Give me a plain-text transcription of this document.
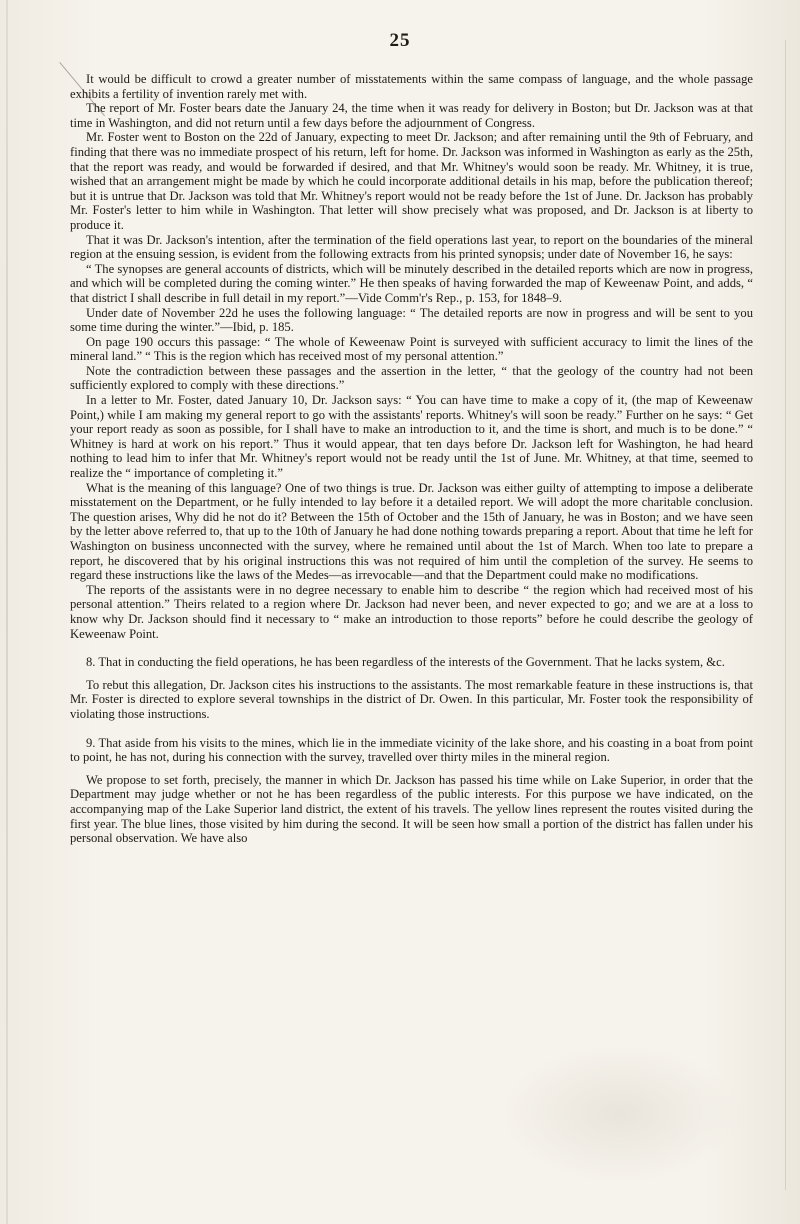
25

It would be difficult to crowd a greater number of misstatements within the same compass of language, and the whole passage exhibits a fertility of invention rarely met with.

The report of Mr. Foster bears date the January 24, the time when it was ready for delivery in Boston; but Dr. Jackson was at that time in Washington, and did not return until a few days before the adjournment of Congress.

Mr. Foster went to Boston on the 22d of January, expecting to meet Dr. Jackson; and after remaining until the 9th of February, and finding that there was no immediate prospect of his return, left for home. Dr. Jackson was informed in Washington as early as the 25th, that the report was ready, and would be forwarded if desired, and that Mr. Whitney's would soon be ready. Mr. Whitney, it is true, wished that an arrangement might be made by which he could incorporate additional details in his map, before the publication thereof; but it is untrue that Dr. Jackson was told that Mr. Whitney's report would not be ready before the 1st of June. Dr. Jackson has probably Mr. Foster's letter to him while in Washington. That letter will show precisely what was proposed, and Dr. Jackson is at liberty to produce it.

That it was Dr. Jackson's intention, after the termination of the field operations last year, to report on the boundaries of the mineral region at the ensuing session, is evident from the following extracts from his printed synopsis; under date of November 16, he says:

“ The synopses are general accounts of districts, which will be minutely described in the detailed reports which are now in progress, and which will be completed during the coming winter.” He then speaks of having forwarded the map of Keweenaw Point, and adds, “ that district I shall describe in full detail in my report.”—Vide Comm'r's Rep., p. 153, for 1848–9.

Under date of November 22d he uses the following language: “ The detailed reports are now in progress and will be sent to you some time during the winter.”—Ibid, p. 185.

On page 190 occurs this passage: “ The whole of Keweenaw Point is surveyed with sufficient accuracy to limit the lines of the mineral land.” “ This is the region which has received most of my personal attention.”

Note the contradiction between these passages and the assertion in the letter, “ that the geology of the country had not been sufficiently explored to comply with these directions.”

In a letter to Mr. Foster, dated January 10, Dr. Jackson says: “ You can have time to make a copy of it, (the map of Keweenaw Point,) while I am making my general report to go with the assistants' reports. Whitney's will soon be ready.” Further on he says: “ Get your report ready as soon as possible, for I shall have to make an introduction to it, and the time is short, and much is to be done.” “ Whitney is hard at work on his report.” Thus it would appear, that ten days before Dr. Jackson left for Washington, he had heard nothing to lead him to infer that Mr. Whitney's report would not be ready until the 1st of June. Mr. Whitney, at that time, seemed to realize the “ importance of completing it.”

What is the meaning of this language? One of two things is true. Dr. Jackson was either guilty of attempting to impose a deliberate misstatement on the Department, or he fully intended to lay before it a detailed report. We will adopt the more charitable conclusion. The question arises, Why did he not do it? Between the 15th of October and the 15th of January, he was in Boston; and we have seen by the letter above referred to, that up to the 10th of January he had done nothing towards preparing a report. About that time he left for Washington on business unconnected with the survey, where he remained until about the 1st of March. When too late to prepare a report, he discovered that by his original instructions this was not required of him until the completion of the survey. He seems to regard these instructions like the laws of the Medes—as irrevocable—and that the Department could make no modifications.

The reports of the assistants were in no degree necessary to enable him to describe “ the region which had received most of his personal attention.” Theirs related to a region where Dr. Jackson had never been, and never expected to go; and we are at a loss to know why Dr. Jackson should find it necessary to “ make an introduction to those reports” before he could describe the geology of Keweenaw Point.

8. That in conducting the field operations, he has been regardless of the interests of the Government. That he lacks system, &c.

To rebut this allegation, Dr. Jackson cites his instructions to the assistants. The most remarkable feature in these instructions is, that Mr. Foster is directed to explore several townships in the district of Dr. Owen. In this particular, Mr. Foster took the responsibility of violating those instructions.

9. That aside from his visits to the mines, which lie in the immediate vicinity of the lake shore, and his coasting in a boat from point to point, he has not, during his connection with the survey, travelled over thirty miles in the mineral region.

We propose to set forth, precisely, the manner in which Dr. Jackson has passed his time while on Lake Superior, in order that the Department may judge whether or not he has been regardless of the public interests. For this purpose we have indicated, on the accompanying map of the Lake Superior land district, the extent of his travels. The yellow lines represent the routes visited during the first year. The blue lines, those visited by him during the second. It will be seen how small a portion of the district has fallen under his personal observation. We have also
